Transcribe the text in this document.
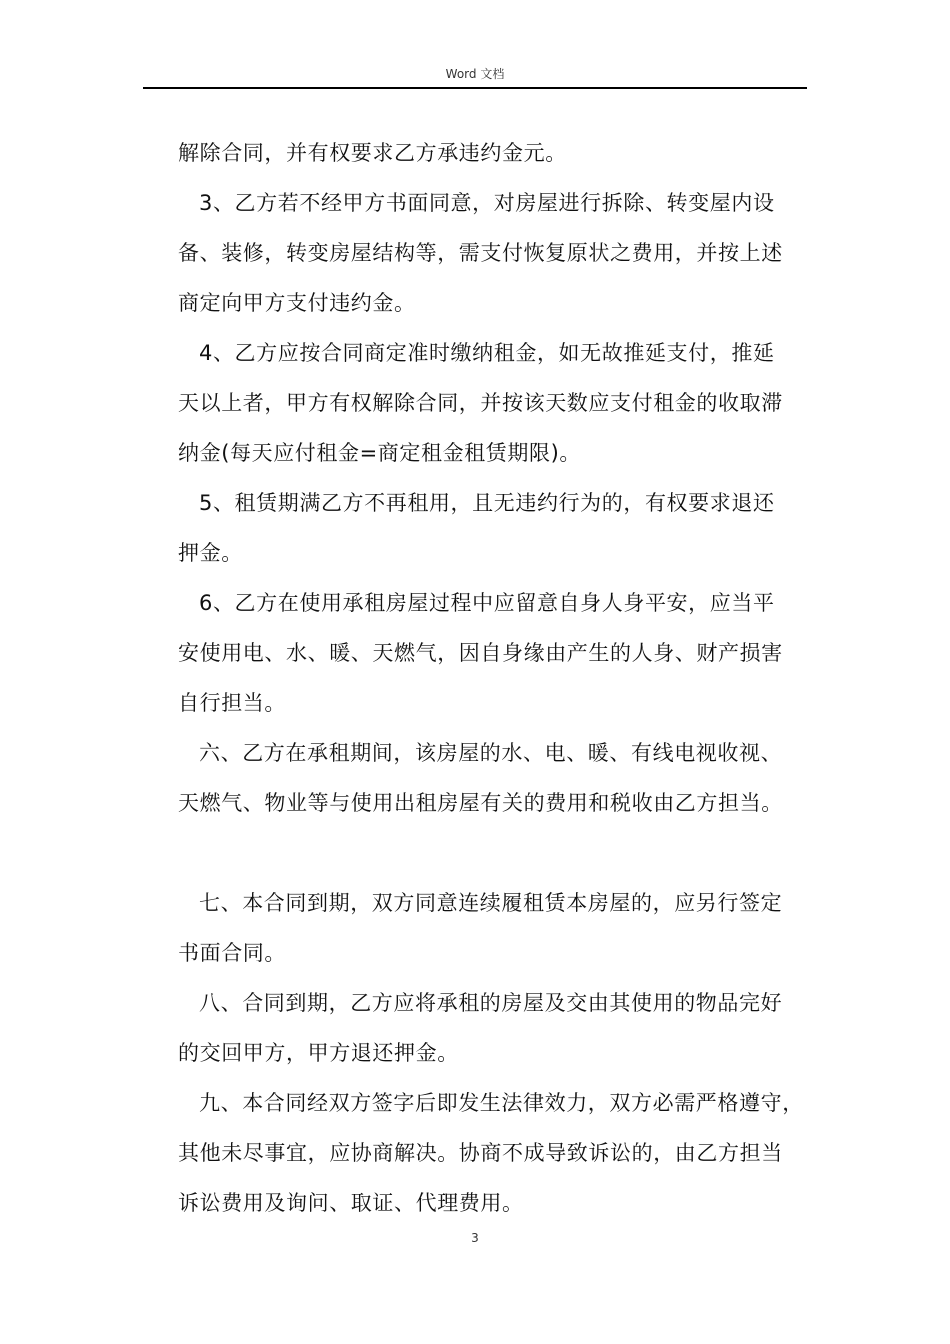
Word 文档
解除合同，并有权要求乙方承违约金元。
3、乙方若不经甲方书面同意，对房屋进行拆除、转变屋内设
备、装修，转变房屋结构等，需支付恢复原状之费用，并按上述
商定向甲方支付违约金。
4、乙方应按合同商定准时缴纳租金，如无故推延支付，推延
天以上者，甲方有权解除合同，并按该天数应支付租金的收取滞
纳金(每天应付租金=商定租金租赁期限)。
5、租赁期满乙方不再租用，且无违约行为的，有权要求退还
押金。
6、乙方在使用承租房屋过程中应留意自身人身平安，应当平
安使用电、水、暖、天燃气，因自身缘由产生的人身、财产损害
自行担当。
六、乙方在承租期间，该房屋的水、电、暖、有线电视收视、
天燃气、物业等与使用出租房屋有关的费用和税收由乙方担当。
七、本合同到期，双方同意连续履租赁本房屋的，应另行签定
书面合同。
八、合同到期，乙方应将承租的房屋及交由其使用的物品完好
的交回甲方，甲方退还押金。
九、本合同经双方签字后即发生法律效力，双方必需严格遵守，
其他未尽事宜，应协商解决。协商不成导致诉讼的，由乙方担当
诉讼费用及询问、取证、代理费用。
3
